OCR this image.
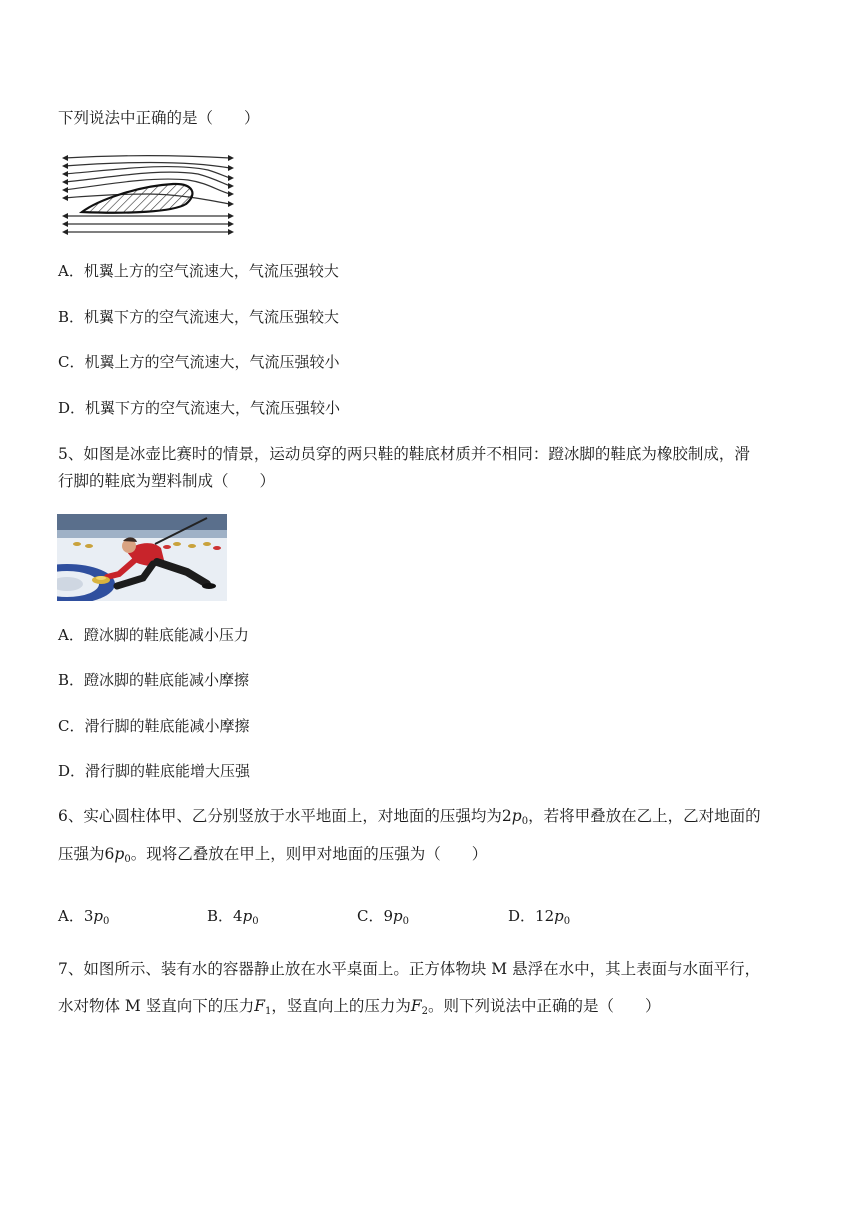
下列说法中正确的是（　　）
A．机翼上方的空气流速大，气流压强较大
B．机翼下方的空气流速大，气流压强较大
C．机翼上方的空气流速大，气流压强较小
D．机翼下方的空气流速大，气流压强较小
5、如图是冰壶比赛时的情景，运动员穿的两只鞋的鞋底材质并不相同：蹬冰脚的鞋底为橡胶制成，滑
行脚的鞋底为塑料制成（　　）
A．蹬冰脚的鞋底能减小压力
B．蹬冰脚的鞋底能减小摩擦
C．滑行脚的鞋底能减小摩擦
D．滑行脚的鞋底能增大压强
6、实心圆柱体甲、乙分别竖放于水平地面上，对地面的压强均为$2p_0$，若将甲叠放在乙上，乙对地面的
压强为$6p_0$。现将乙叠放在甲上，则甲对地面的压强为（　　）
A．$3p_0$	B．$4p_0$	C．$9p_0$	D．$12p_0$
7、如图所示、装有水的容器静止放在水平桌面上。正方体物块 M 悬浮在水中，其上表面与水面平行，
水对物体 M 竖直向下的压力$F_1$，竖直向上的压力为$F_2$。则下列说法中正确的是（　　）
